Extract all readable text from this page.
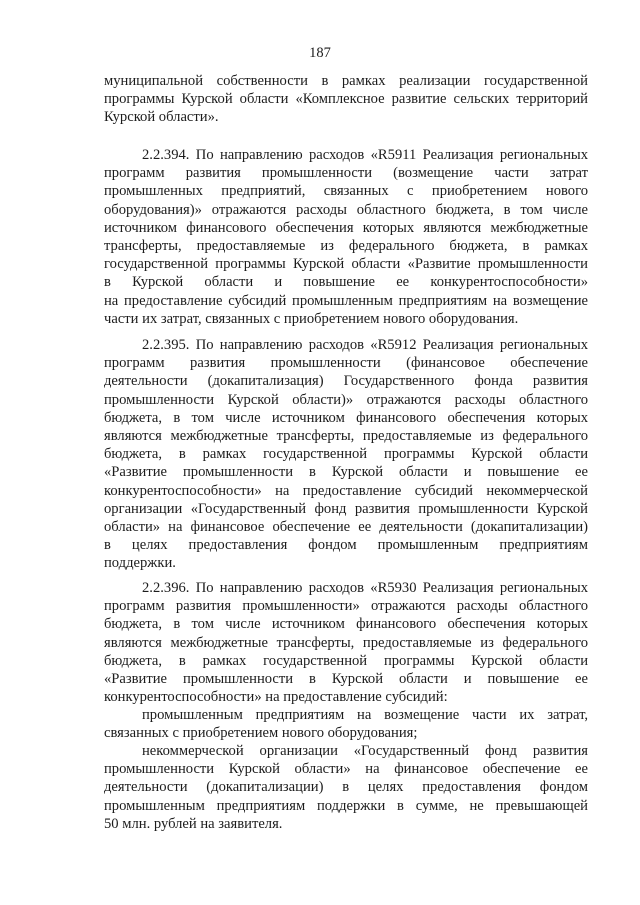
187
муниципальной собственности в рамках реализации государственной
программы Курской области «Комплексное развитие сельских территорий
Курской области».
2.2.394. По направлению расходов «R5911 Реализация региональных
программ развития промышленности (возмещение части затрат
промышленных предприятий, связанных с приобретением нового
оборудования)» отражаются расходы областного бюджета, в том числе
источником финансового обеспечения которых являются межбюджетные
трансферты, предоставляемые из федерального бюджета, в рамках
государственной программы Курской области «Развитие промышленности
в Курской области и повышение ее конкурентоспособности»
на предоставление субсидий промышленным предприятиям на возмещение
части их затрат, связанных с приобретением нового оборудования.
2.2.395. По направлению расходов «R5912 Реализация региональных
программ развития промышленности (финансовое обеспечение
деятельности (докапитализация) Государственного фонда развития
промышленности Курской области)» отражаются расходы областного
бюджета, в том числе источником финансового обеспечения которых
являются межбюджетные трансферты, предоставляемые из федерального
бюджета, в рамках государственной программы Курской области
«Развитие промышленности в Курской области и повышение ее
конкурентоспособности» на предоставление субсидий некоммерческой
организации «Государственный фонд развития промышленности Курской
области» на финансовое обеспечение ее деятельности (докапитализации)
в целях предоставления фондом промышленным предприятиям
поддержки.
2.2.396. По направлению расходов «R5930 Реализация региональных
программ развития промышленности» отражаются расходы областного
бюджета, в том числе источником финансового обеспечения которых
являются межбюджетные трансферты, предоставляемые из федерального
бюджета, в рамках государственной программы Курской области
«Развитие промышленности в Курской области и повышение ее
конкурентоспособности» на предоставление субсидий:
промышленным предприятиям на возмещение части их затрат,
связанных с приобретением нового оборудования;
некоммерческой организации «Государственный фонд развития
промышленности Курской области» на финансовое обеспечение ее
деятельности (докапитализации) в целях предоставления фондом
промышленным предприятиям поддержки в сумме, не превышающей
50 млн. рублей на заявителя.
